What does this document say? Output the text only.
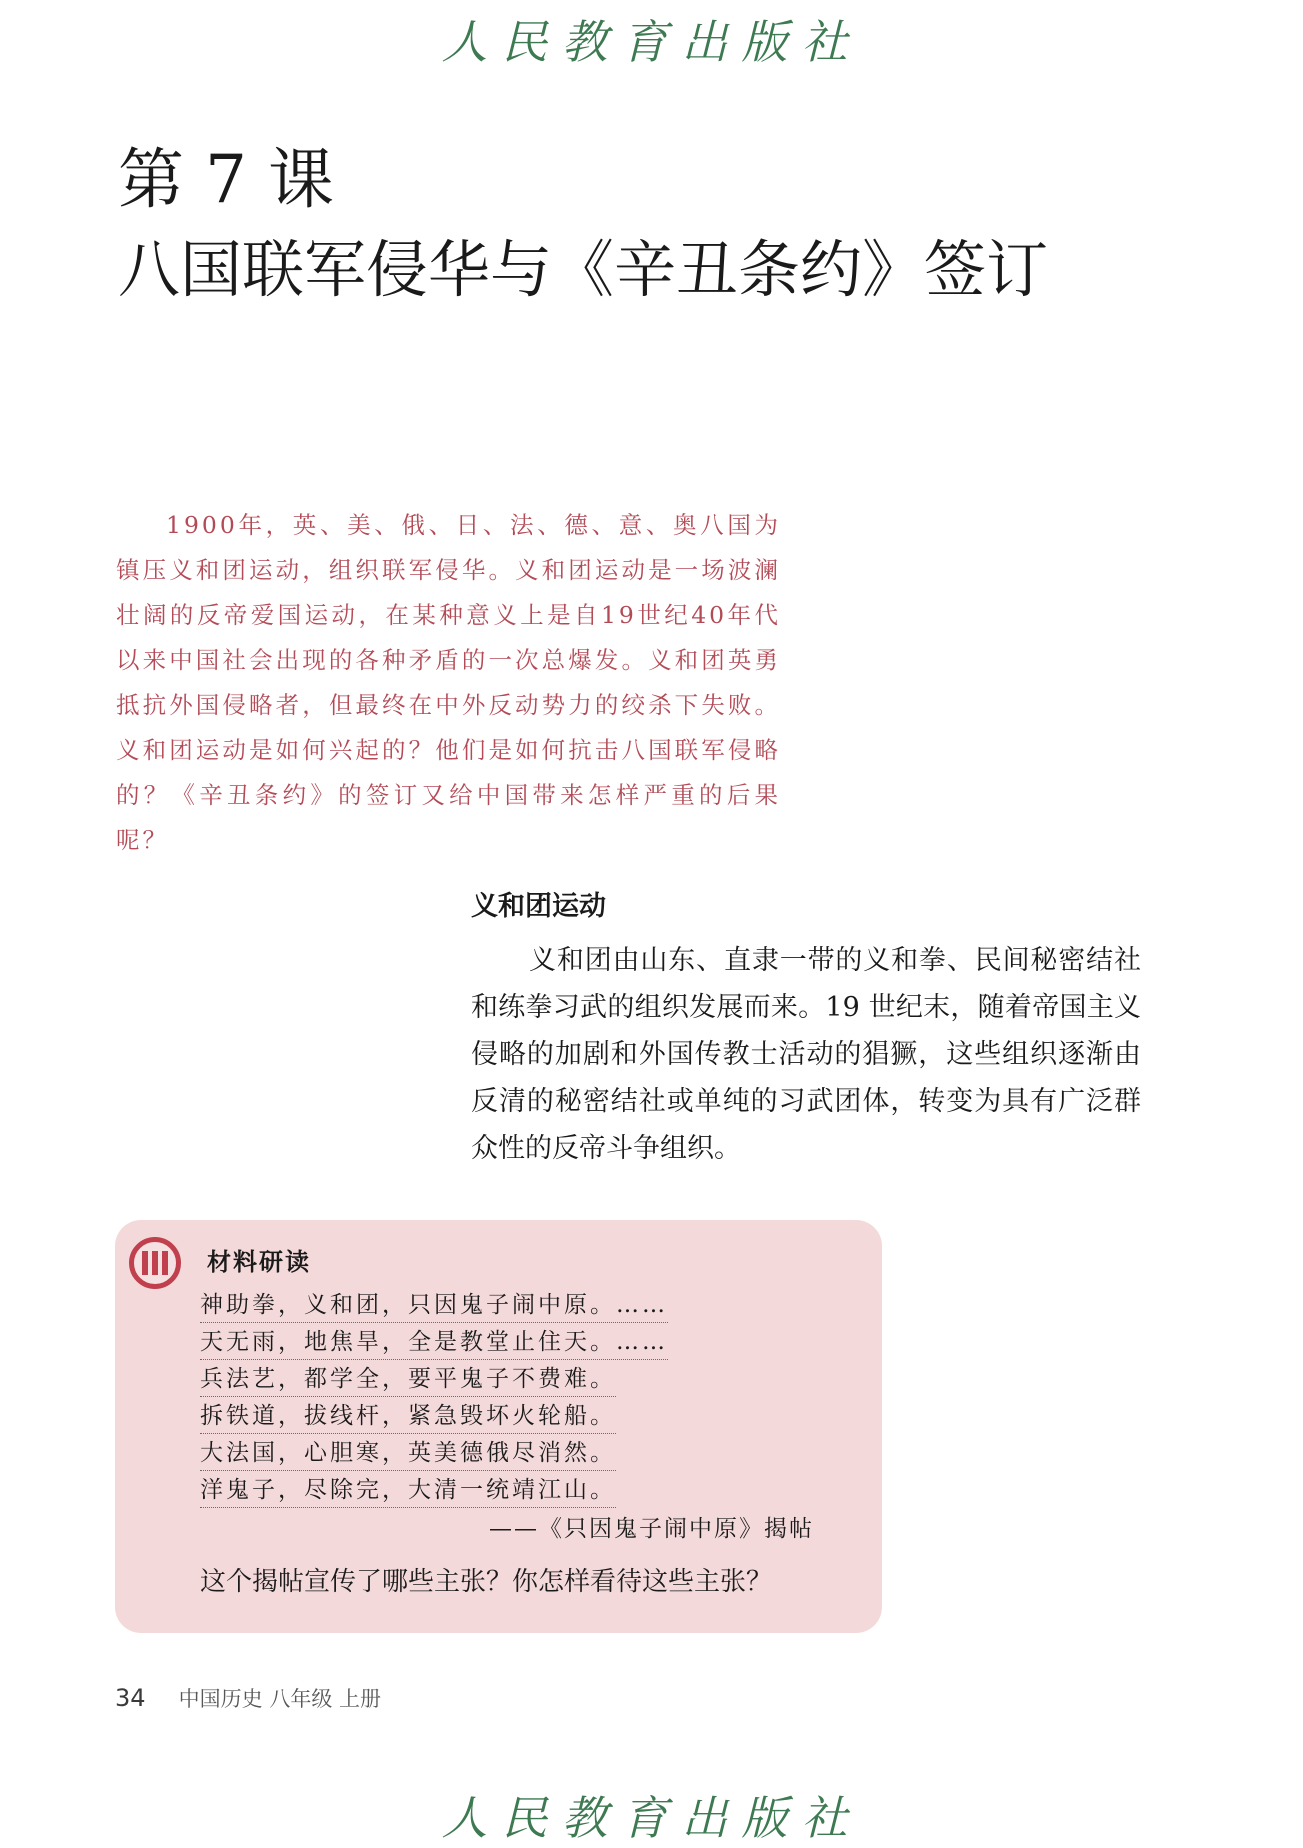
人民教育出版社
第 7 课
八国联军侵华与《辛丑条约》签订

1900年，英、美、俄、日、法、德、意、奥八国为镇压义和团运动，组织联军侵华。义和团运动是一场波澜壮阔的反帝爱国运动，在某种意义上是自19世纪40年代以来中国社会出现的各种矛盾的一次总爆发。义和团英勇抵抗外国侵略者，但最终在中外反动势力的绞杀下失败。义和团运动是如何兴起的？他们是如何抗击八国联军侵略的？《辛丑条约》的签订又给中国带来怎样严重的后果呢？

义和团运动

义和团由山东、直隶一带的义和拳、民间秘密结社和练拳习武的组织发展而来。19 世纪末，随着帝国主义侵略的加剧和外国传教士活动的猖獗，这些组织逐渐由反清的秘密结社或单纯的习武团体，转变为具有广泛群众性的反帝斗争组织。

材料研读
神助拳，义和团，只因鬼子闹中原。……
天无雨，地焦旱，全是教堂止住天。……
兵法艺，都学全，要平鬼子不费难。
拆铁道，拔线杆，紧急毁坏火轮船。
大法国，心胆寒，英美德俄尽消然。
洋鬼子，尽除完，大清一统靖江山。
——《只因鬼子闹中原》揭帖
这个揭帖宣传了哪些主张？你怎样看待这些主张？
34 中国历史 八年级 上册
人民教育出版社
